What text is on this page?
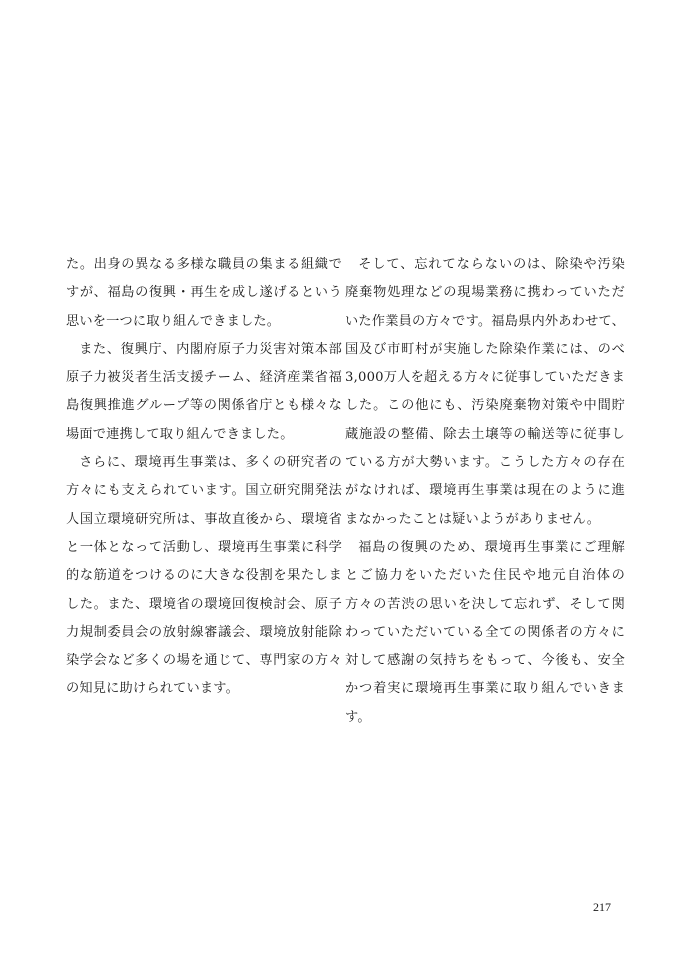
た。出身の異なる多様な職員の集まる組織ですが、福島の復興・再生を成し遂げるという思いを一つに取り組んできました。

また、復興庁、内閣府原子力災害対策本部原子力被災者生活支援チーム、経済産業省福島復興推進グループ等の関係省庁とも様々な場面で連携して取り組んできました。

さらに、環境再生事業は、多くの研究者の方々にも支えられています。国立研究開発法人国立環境研究所は、事故直後から、環境省と一体となって活動し、環境再生事業に科学的な筋道をつけるのに大きな役割を果たしました。また、環境省の環境回復検討会、原子力規制委員会の放射線審議会、環境放射能除染学会など多くの場を通じて、専門家の方々の知見に助けられています。

そして、忘れてならないのは、除染や汚染廃棄物処理などの現場業務に携わっていただいた作業員の方々です。福島県内外あわせて、国及び市町村が実施した除染作業には、のべ3,000万人を超える方々に従事していただきました。この他にも、汚染廃棄物対策や中間貯蔵施設の整備、除去土壌等の輸送等に従事している方が大勢います。こうした方々の存在がなければ、環境再生事業は現在のように進まなかったことは疑いようがありません。

福島の復興のため、環境再生事業にご理解とご協力をいただいた住民や地元自治体の方々の苦渋の思いを決して忘れず、そして関わっていただいている全ての関係者の方々に対して感謝の気持ちをもって、今後も、安全かつ着実に環境再生事業に取り組んでいきます。

217
